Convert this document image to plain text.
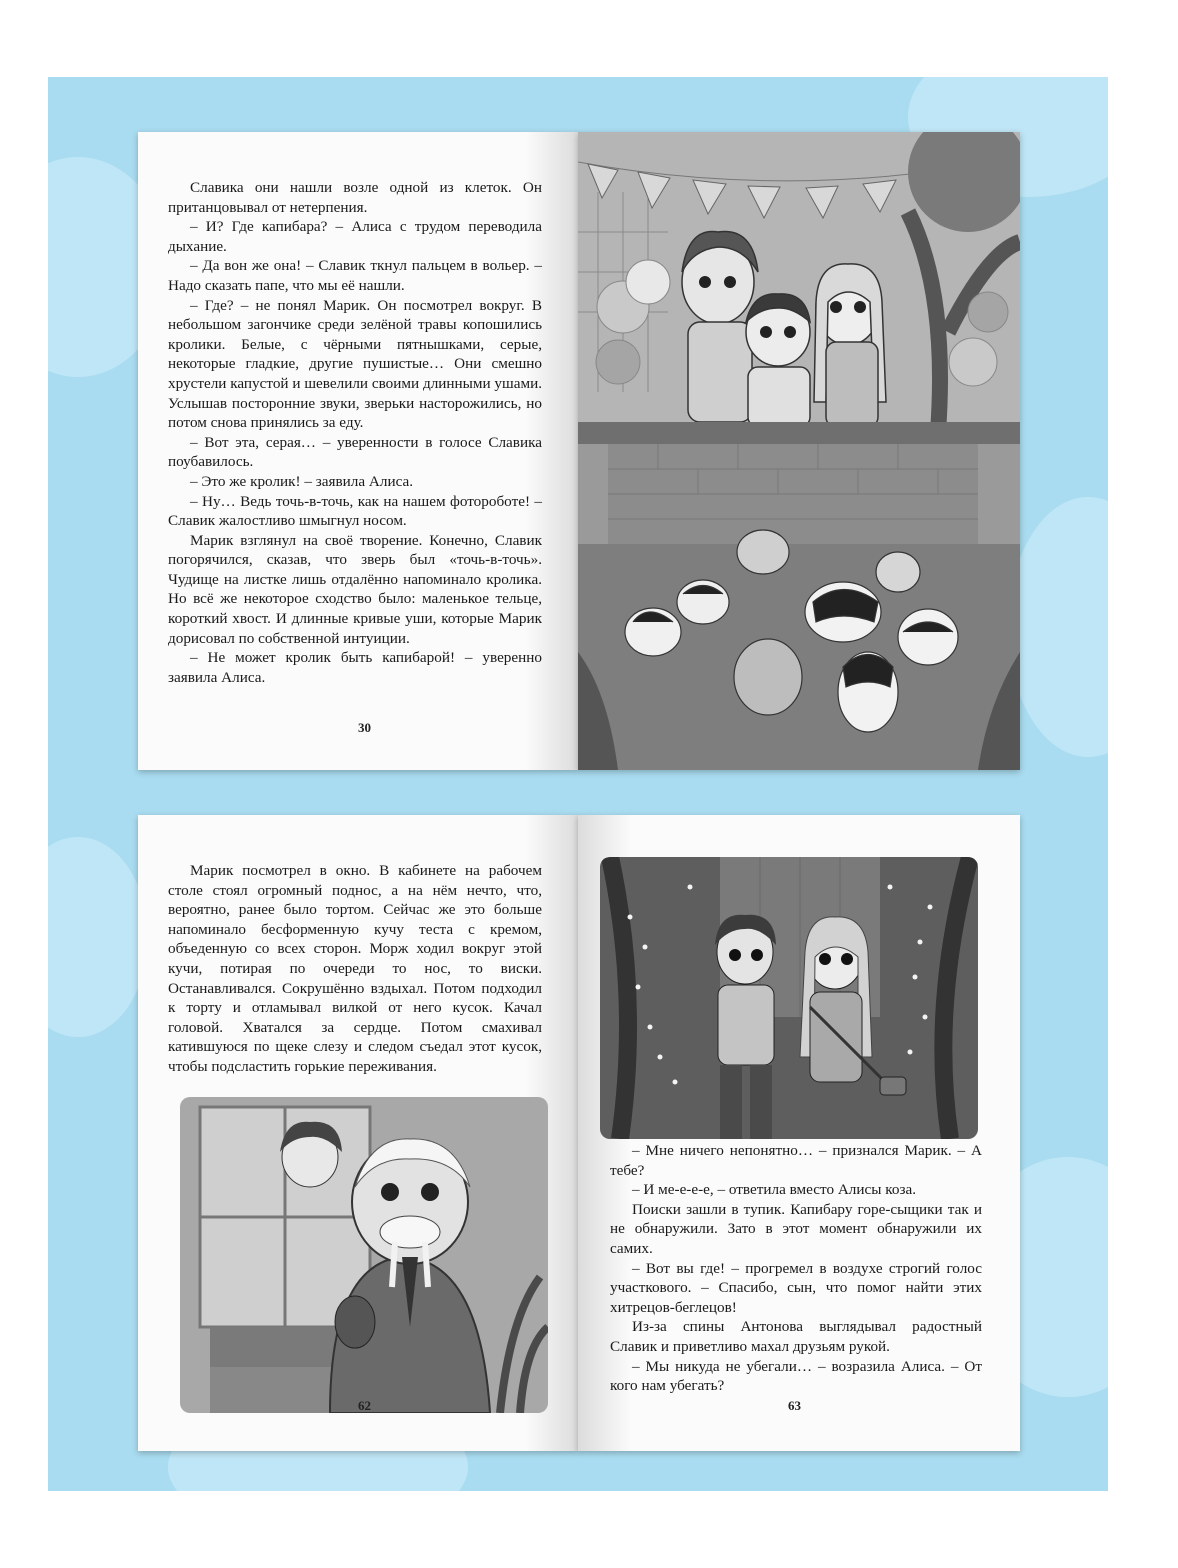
Славика они нашли возле одной из клеток. Он пританцовывал от нетерпения.

– И? Где капибара? – Алиса с трудом переводила дыхание.

– Да вон же она! – Славик ткнул пальцем в вольер. – Надо сказать папе, что мы её нашли.

– Где? – не понял Марик. Он посмотрел вокруг. В небольшом загончике среди зелёной травы копошились кролики. Белые, с чёрными пятнышками, серые, некоторые гладкие, другие пушистые… Они смешно хрустели капустой и шевелили своими длинными ушами. Услышав посторонние звуки, зверьки насторожились, но потом снова принялись за еду.

– Вот эта, серая… – уверенности в голосе Славика поубавилось.

– Это же кролик! – заявила Алиса.

– Ну… Ведь точь-в-точь, как на нашем фотороботе! – Славик жалостливо шмыгнул носом.

Марик взглянул на своё творение. Конечно, Славик погорячился, сказав, что зверь был «точь-в-точь». Чудище на листке лишь отдалённо напоминало кролика. Но всё же некоторое сходство было: маленькое тельце, короткий хвост. И длинные кривые уши, которые Марик дорисовал по собственной интуиции.

– Не может кролик быть капибарой! – уверенно заявила Алиса.

30

Марик посмотрел в окно. В кабинете на рабочем столе стоял огромный поднос, а на нём нечто, что, вероятно, ранее было тортом. Сейчас же это больше напоминало бесформенную кучу теста с кремом, объеденную со всех сторон. Морж ходил вокруг этой кучи, потирая по очереди то нос, то виски. Останавливался. Сокрушённо вздыхал. Потом подходил к торту и отламывал вилкой от него кусок. Качал головой. Хватался за сердце. Потом смахивал катившуюся по щеке слезу и следом съедал этот кусок, чтобы подсластить горькие переживания.

62

– Мне ничего непонятно… – признался Марик. – А тебе?

– И ме-е-е-е, – ответила вместо Алисы коза.

Поиски зашли в тупик. Капибару горе-сыщики так и не обнаружили. Зато в этот момент обнаружили их самих.

– Вот вы где! – прогремел в воздухе строгий голос участкового. – Спасибо, сын, что помог найти этих хитрецов-беглецов!

Из-за спины Антонова выглядывал радостный Славик и приветливо махал друзьям рукой.

– Мы никуда не убегали… – возразила Алиса. – От кого нам убегать?

63
